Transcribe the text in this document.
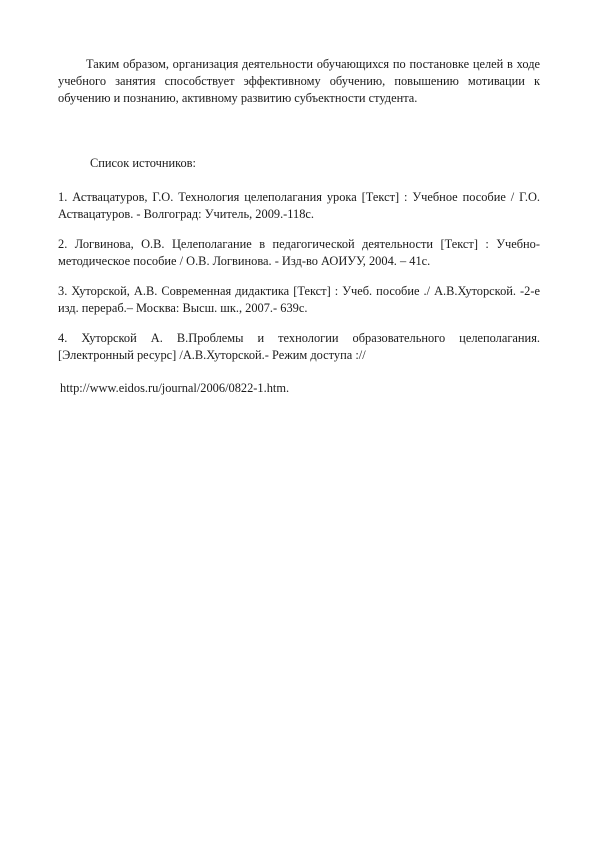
Таким образом, организация деятельности обучающихся по постановке целей в ходе учебного занятия способствует эффективному обучению, повышению мотивации к обучению и познанию, активному развитию субъектности студента.

Список источников:

1. Аствацатуров, Г.О. Технология целеполагания урока [Текст] : Учебное пособие / Г.О. Аствацатуров. - Волгоград: Учитель, 2009.-118с.

2. Логвинова, О.В. Целеполагание в педагогической деятельности [Текст] : Учебно-методическое пособие / О.В. Логвинова. - Изд-во АОИУУ, 2004. – 41с.

3. Хуторской, А.В. Современная дидактика [Текст] : Учеб. пособие ./ А.В.Хуторской. -2-е изд. перераб.– Москва: Высш. шк., 2007.- 639с.

4. Хуторской А. В.Проблемы и технологии образовательного целеполагания. [Электронный ресурс] /А.В.Хуторской.- Режим доступа ://

http://www.eidos.ru/journal/2006/0822-1.htm.
